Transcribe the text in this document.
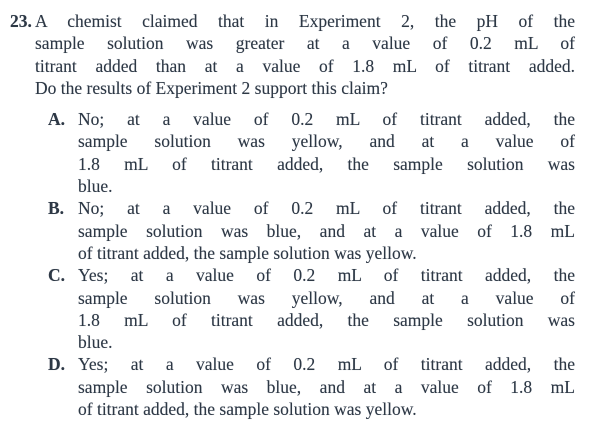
23. A chemist claimed that in Experiment 2, the pH of the
sample solution was greater at a value of 0.2 mL of
titrant added than at a value of 1.8 mL of titrant added.
Do the results of Experiment 2 support this claim?
A. No; at a value of 0.2 mL of titrant added, the
sample solution was yellow, and at a value of
1.8 mL of titrant added, the sample solution was
blue.
B. No; at a value of 0.2 mL of titrant added, the
sample solution was blue, and at a value of 1.8 mL
of titrant added, the sample solution was yellow.
C. Yes; at a value of 0.2 mL of titrant added, the
sample solution was yellow, and at a value of
1.8 mL of titrant added, the sample solution was
blue.
D. Yes; at a value of 0.2 mL of titrant added, the
sample solution was blue, and at a value of 1.8 mL
of titrant added, the sample solution was yellow.
